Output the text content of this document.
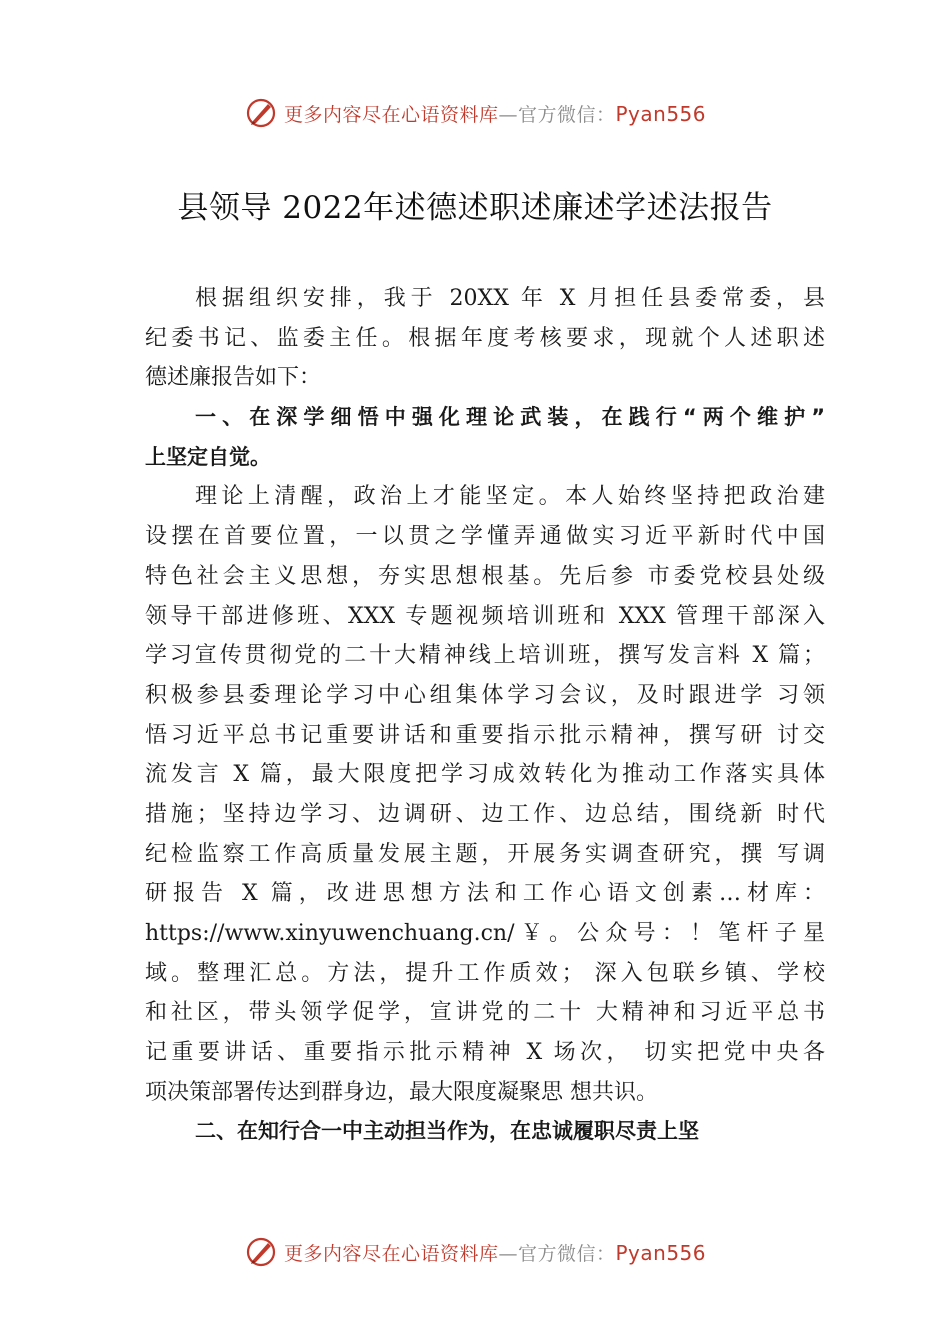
更多内容尽在心语资料库—官方微信：Pyan556
县领导 2022年述德述职述廉述学述法报告
根据组织安排，我于 20XX 年 X 月担任县委常委，县
纪委书记、监委主任。根据年度考核要求，现就个人述职述
德述廉报告如下：
一、在深学细悟中强化理论武装，在践行“两个维护”
上坚定自觉。
理论上清醒，政治上才能坚定。本人始终坚持把政治建
设摆在首要位置，一以贯之学懂弄通做实习近平新时代中国
特色社会主义思想，夯实思想根基。先后参 市委党校县处级
领导干部进修班、XXX 专题视频培训班和 XXX 管理干部深入
学习宣传贯彻党的二十大精神线上培训班，撰写发言料 X 篇；
积极参县委理论学习中心组集体学习会议，及时跟进学 习领
悟习近平总书记重要讲话和重要指示批示精神，撰写研 讨交
流发言 X 篇，最大限度把学习成效转化为推动工作落实具体
措施；坚持边学习、边调研、边工作、边总结，围绕新 时代
纪检监察工作高质量发展主题，开展务实调查研究，撰 写调
研报告 X 篇，改进思想方法和工作心语文创素…材库：
https://www.xinyuwenchuang.cn/￥。公众号：！笔杆子星
域。整理汇总。方法，提升工作质效； 深入包联乡镇、学校
和社区，带头领学促学，宣讲党的二十 大精神和习近平总书
记重要讲话、重要指示批示精神 X 场次， 切实把党中央各
项决策部署传达到群身边，最大限度凝聚思 想共识。
二、在知行合一中主动担当作为，在忠诚履职尽责上坚
更多内容尽在心语资料库—官方微信：Pyan556
